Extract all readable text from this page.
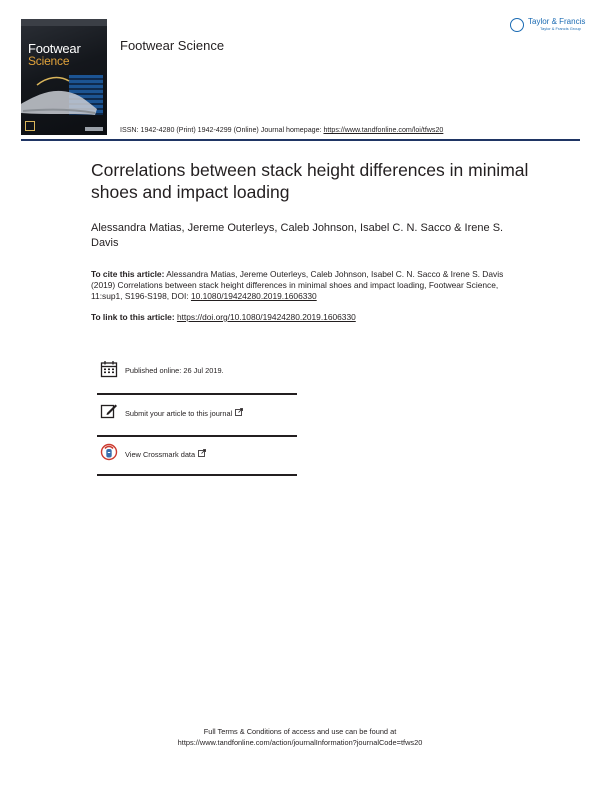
Footwear
Science
Footwear Science
Taylor & Francis
Taylor & Francis Group
ISSN: 1942-4280 (Print) 1942-4299 (Online) Journal homepage: https://www.tandfonline.com/loi/tfws20
Correlations between stack height differences in minimal shoes and impact loading
Alessandra Matias, Jereme Outerleys, Caleb Johnson, Isabel C. N. Sacco & Irene S. Davis
To cite this article: Alessandra Matias, Jereme Outerleys, Caleb Johnson, Isabel C. N. Sacco & Irene S. Davis (2019) Correlations between stack height differences in minimal shoes and impact loading, Footwear Science, 11:sup1, S196-S198, DOI: 10.1080/19424280.2019.1606330
To link to this article: https://doi.org/10.1080/19424280.2019.1606330
Published online: 26 Jul 2019.
Submit your article to this journal
View Crossmark data
Full Terms & Conditions of access and use can be found at
https://www.tandfonline.com/action/journalInformation?journalCode=tfws20
